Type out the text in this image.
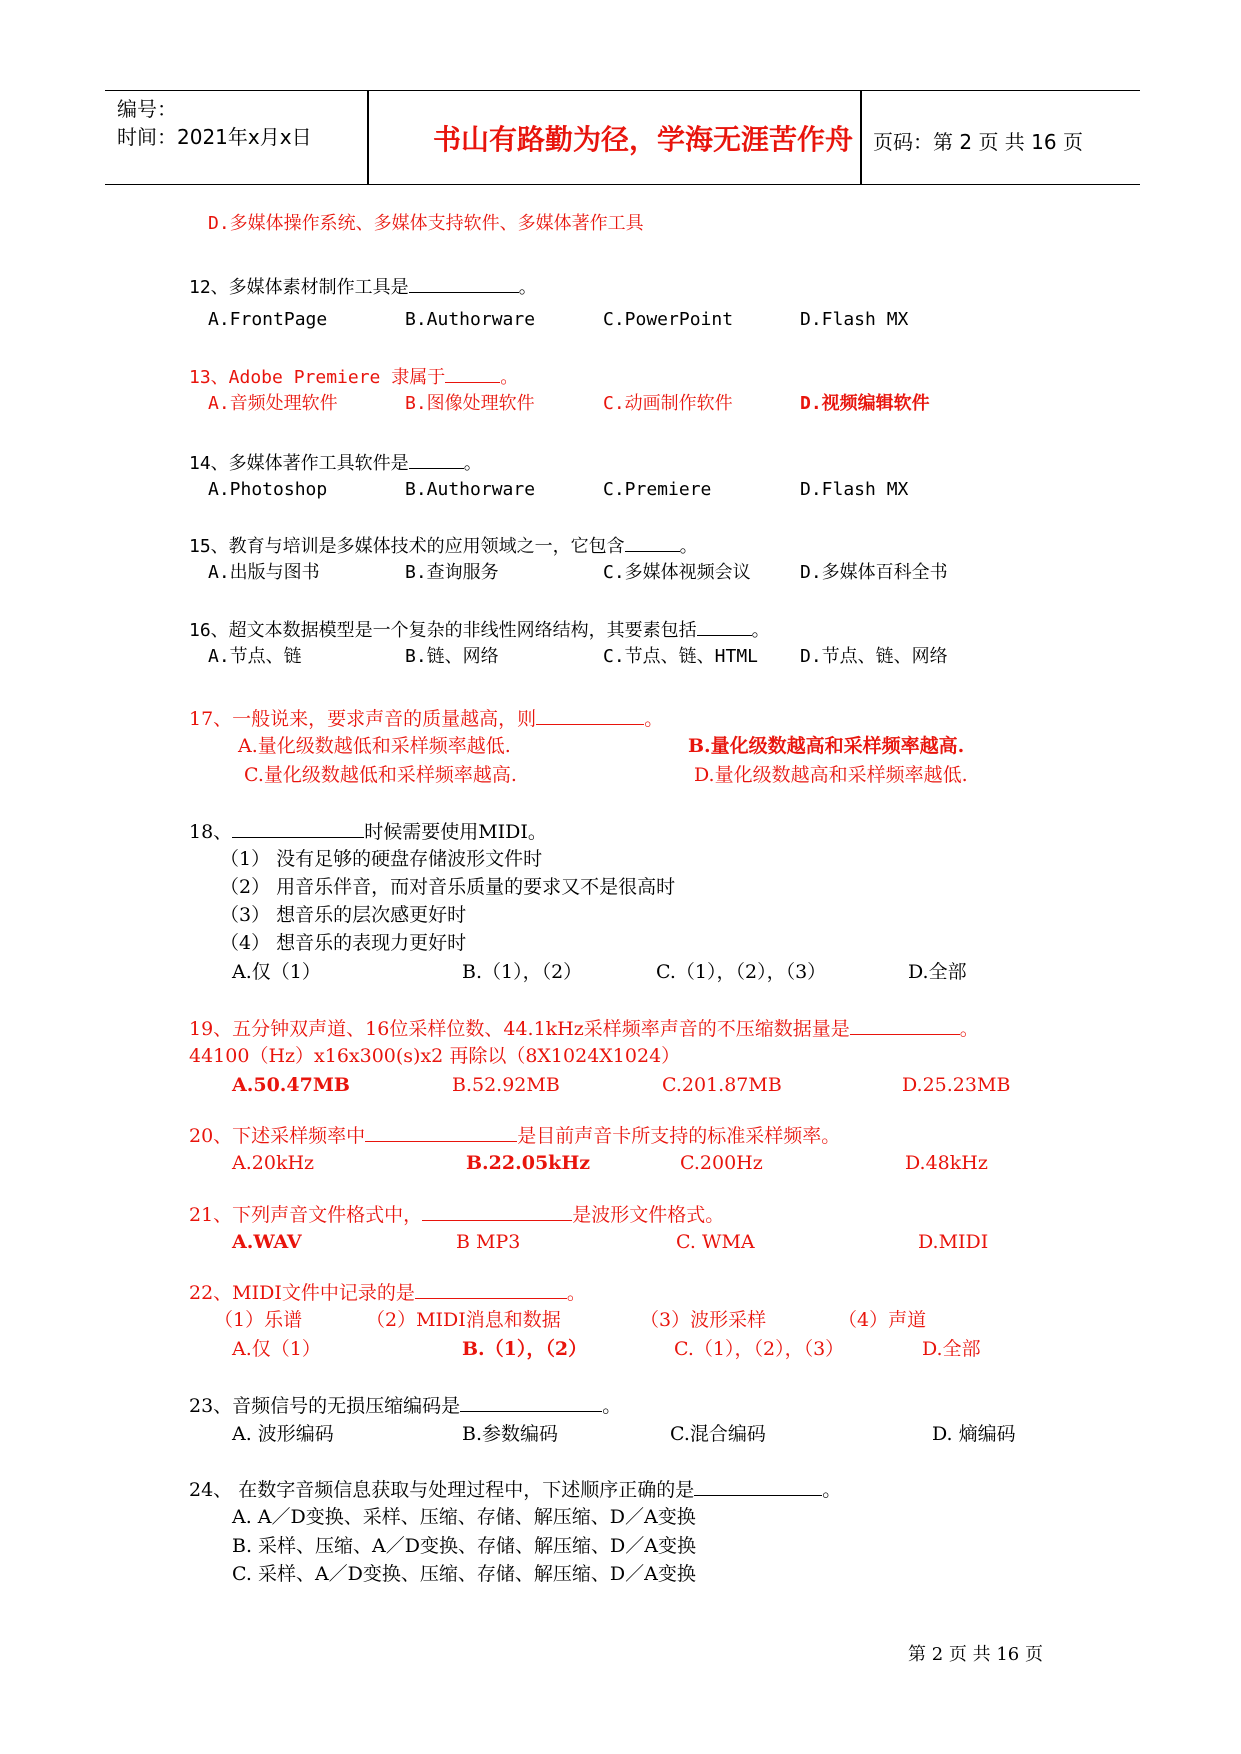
编号：
时间：2021年x月x日	书山有路勤为径，学海无涯苦作舟	页码：第 2 页 共 16 页
D.多媒体操作系统、多媒体支持软件、多媒体著作工具
12、多媒体素材制作工具是	。
A.FrontPage	B.Authorware	C.PowerPoint	D.Flash MX
13、Adobe Premiere 隶属于	。
A.音频处理软件	B.图像处理软件	C.动画制作软件	D.视频编辑软件
14、多媒体著作工具软件是	。
A.Photoshop	B.Authorware	C.Premiere	D.Flash MX
15、教育与培训是多媒体技术的应用领域之一，它包含	。
A.出版与图书	B.查询服务	C.多媒体视频会议	D.多媒体百科全书
16、超文本数据模型是一个复杂的非线性网络结构，其要素包括	。
A.节点、链	B.链、网络	C.节点、链、HTML D.节点、链、网络
17、一般说来，要求声音的质量越高，则	。
A.量化级数越低和采样频率越低.	B.量化级数越高和采样频率越高.
C.量化级数越低和采样频率越高.	D.量化级数越高和采样频率越低.
18、	时候需要使用MIDI。
（1） 没有足够的硬盘存储波形文件时
（2） 用音乐伴音，而对音乐质量的要求又不是很高时
（3） 想音乐的层次感更好时
（4） 想音乐的表现力更好时
A.仅（1）	B.（1），（2）	C.（1），（2），（3）	D.全部
19、五分钟双声道、16位采样位数、44.1kHz采样频率声音的不压缩数据量是	。
44100（Hz）x16x300(s)x2 再除以（8X1024X1024）
A.50.47MB	B.52.92MB	C.201.87MB	D.25.23MB
20、下述采样频率中	是目前声音卡所支持的标准采样频率。
A.20kHz	B.22.05kHz	C.200Hz	D.48kHz
21、下列声音文件格式中，	是波形文件格式。
A.WAV	B MP3	C. WMA	D.MIDI
22、MIDI文件中记录的是	。
（1）乐谱	（2）MIDI消息和数据	（3）波形采样	（4）声道
A.仅（1）	B.（1），（2）	C.（1），（2），（3）	D.全部
23、音频信号的无损压缩编码是	。
A. 波形编码	B.参数编码	C.混合编码	D. 熵编码
24、 在数字音频信息获取与处理过程中，下述顺序正确的是	。
A. A／D变换、采样、压缩、存储、解压缩、D／A变换
B. 采样、压缩、A／D变换、存储、解压缩、D／A变换
C. 采样、A／D变换、压缩、存储、解压缩、D／A变换
第 2 页 共 16 页
